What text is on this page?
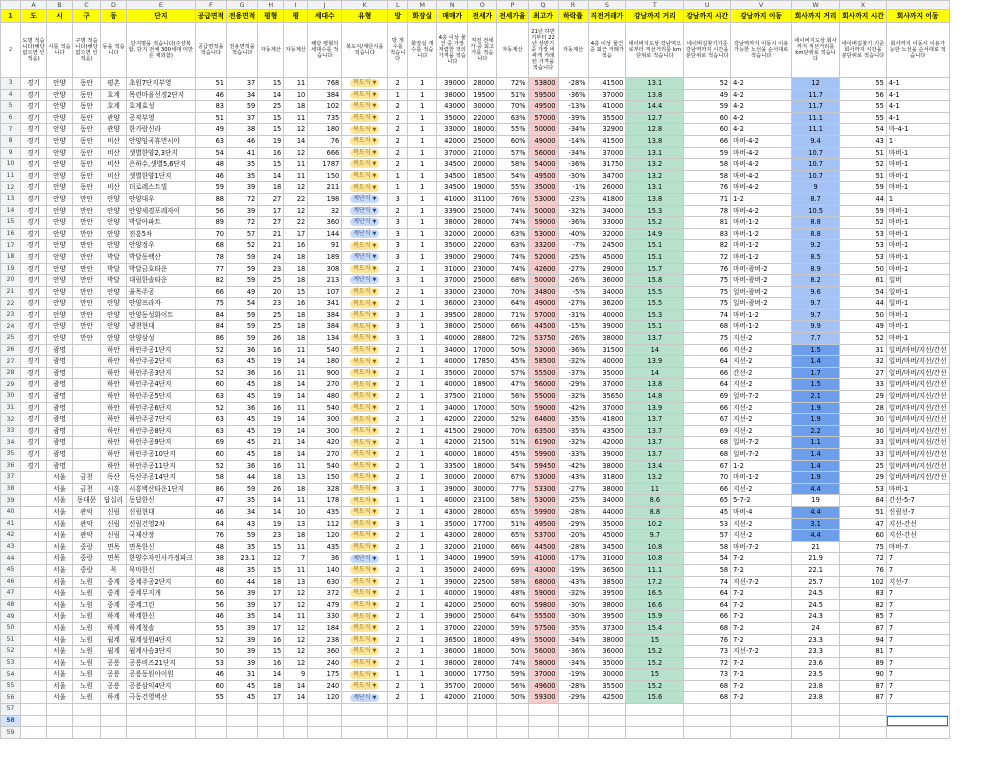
	A	B	C	D	E	F	G	H	I	J	K	L	M	N	O	P	Q	R	S	T	U	V	W	X	
1	도	시	구	동	단지	공급면적	전용면적	평형	평	세대수	유형	방	화장실	매매가	전세가	전세가율	최고가	하락률	직전거래가	강남까지 거리	강남까지 시간	강남까지 이동	회사까지 거리	회사까지 시간	회사까지 이동
2	도명 적습니다(해당 없으면 인 적음)	시를 적습니다	구명 적습니다(해당 없으면 인 적음)	동을 적습니다	단지명을 적습니다(주상복합, 단지 전체 300세대 미만은 제외함)	공급면적을 적습니다	전용면적을 적습니다	자동계산	자동계산	해당 평형의 세대수를 적습니다	복도식/계단식을 적습니다	방 개수를 적습니다	화장실 개수를 적습니다	4층 이상 물건 중 가장 저렴한 것의 가격을 적습니다	직전 전세가 중 최고가를 적습니다	자동계산	21년 하반기부터 22년 상반기 중 가장 비싸게 거래된 가격을 적습니다	자동계산	4층 이상 물건 중 최근 거래가 적음	네이버지도상 강남역으로부터 직선거리를 km단위로 적습니다	네이버길찾기기준 강남역까지 시간을 분단위로 적습니다	강남역까지 이동시 이용가능한 노선을 순서대로 적습니다	네이버지도상 회사까지 직선거리를 km단위로 적습니다	네이버길찾기 기준 회사까지 시간을 분단위로 적습니다	회사까지 이동시 이용가능한 노선을 순서대로 적습니다
3	경기	안양	동안	평촌	초원7단지부영	51	37	15	11	768	복도식 ▼	2	1	39000	28000	72%	53800	-28%	41500	13.1	52	4-2	12	55	4-1
4	경기	안양	동안	호계	목련마을선경2단지	46	34	14	10	384	복도식 ▼	1	1	38000	19500	51%	59500	-36%	37000	13.8	49	4-2	11.7	56	4-1
5	경기	안양	동안	호계	호계효성	83	59	25	18	102	복도식 ▼	2	1	43000	30000	70%	49500	-13%	41000	14.4	59	4-2	11.7	55	4-1
6	경기	안양	동안	관양	공작부영	51	37	15	11	735	복도식 ▼	2	1	35000	22000	63%	57000	-39%	35500	12.7	60	4-2	11.1	55	4-1
7	경기	안양	동안	관양	한가람신라	49	38	15	12	180	복도식 ▼	2	1	33000	18000	55%	50000	-34%	32900	12.8	60	4-2	11.1	54	마-4-1
8	경기	안양	동안	비산	안양임곡휴먼시아	63	46	19	14	76	복도식 ▼	2	1	42000	25000	60%	49000	-14%	41500	13.8	66	마버-4-2	9.4	43	1
9	경기	안양	동안	비산	샛별한양2,3단지	54	41	16	12	666	복도식 ▼	2	1	37000	21000	57%	56000	-34%	37000	13.1	59	마버-4-2	10.7	51	마버-1
10	경기	안양	동안	비산	은하수,샛별5,6단지	48	35	15	11	1787	복도식 ▼	2	1	34500	20000	58%	54000	-36%	31750	13.2	58	마버-4-2	10.7	52	마버-1
11	경기	안양	동안	비산	샛별한양1단지	46	35	14	11	150	복도식 ▼	1	1	34500	18500	54%	49500	-30%	34700	13.2	58	마버-4-2	10.7	51	마버-1
12	경기	안양	동안	비산	더로레스트빌	59	39	18	12	211	복도식 ▼	1	1	34500	19000	55%	35000	-1%	26000	13.1	76	마버-4-2	9	59	마버-1
13	경기	안양	만안	안양	안양대우	88	72	27	22	198	계단식 ▼	3	1	41000	31100	76%	53000	-23%	41800	13.8	71	1-2	8.7	44	1
14	경기	안양	만안	안양	안양세경포레자이	56	39	17	12	32	계단식 ▼	2	1	33900	25000	74%	50000	-32%	34000	15.3	78	마버-4-2	10.5	59	마버-1
15	경기	안양	만안	안양	박달아파트	89	72	27	22	360	계단식 ▼	3	1	38000	28000	74%	59000	-36%	33000	15.2	81	마버-1-2	8.8	52	마버-1
16	경기	안양	만안	안양	진흥5차	70	57	21	17	144	계단식 ▼	3	1	32000	20000	63%	53000	-40%	32000	14.9	83	마버-1-2	8.8	53	마버-1
17	경기	안양	만안	안양	안양정우	68	52	21	16	91	복도식 ▼	3	1	35000	22000	63%	33200	-7%	24500	15.1	82	마버-1-2	9.2	53	마버-1
18	경기	안양	만안	박달	박달동백산	78	59	24	18	189	계단식 ▼	3	1	39000	29000	74%	52000	-25%	45000	15.1	72	마버-1-2	8.5	53	마버-1
19	경기	안양	만안	박달	박달금호타운	77	59	23	18	308	복도식 ▼	2	1	31000	23000	74%	42600	-27%	29000	15.7	76	마버-광버-2	8.9	50	마버-1
20	경기	안양	만안	박달	대림한솔타운	82	59	25	18	213	계단식 ▼	3	1	37000	25000	68%	50000	-26%	36000	15.8	75	마버-광버-2	8.2	61	일버
21	경기	안양	만안	안양	율목주공	66	49	20	15	107	복도식 ▼	2	1	33000	23000	70%	34800	-5%	34000	15.5	75	일버-광버-2	9.6	54	일버-1
22	경기	안양	만안	안양	안양프라자	75	54	23	16	341	복도식 ▼	2	1	36000	23000	64%	49000	-27%	36200	15.5	75	일버-광버-2	9.7	44	일버-1
23	경기	안양	만안	안양	안양동성화이트	84	59	25	18	384	복도식 ▼	3	1	39500	28000	71%	57000	-31%	40000	15.3	74	마버-1-2	9.7	50	마버-1
24	경기	안양	만안	안양	냉천현대	84	59	25	18	384	복도식 ▼	3	1	38000	25000	66%	44500	-15%	39000	15.1	68	마버-1-2	9.9	49	마버-1
25	경기	안양	만안	안양	안양삼성	86	59	26	18	134	복도식 ▼	3	1	40000	28800	72%	53750	-26%	38000	13.7	75	지선-2	7.7	52	마버-1
26	경기	광명		하안	하안주공1단지	52	36	16	11	540	복도식 ▼	2	1	34000	17000	50%	53000	-36%	31500	14	66	지선-2	1.5	31	일버/마버/지선/간선
27	경기	광명		하안	하안주공2단지	63	45	19	14	180	복도식 ▼	2	1	40000	17850	45%	58500	-32%	40000	13.9	64	지선-2	1.4	32	일버/마버/지선/간선
28	경기	광명		하안	하안주공3단지	52	36	16	11	900	복도식 ▼	2	1	35000	20000	57%	55500	-37%	35000	14	66	간선-2	1.7	27	일버/마버/지선/간선
29	경기	광명		하안	하안주공4단지	60	45	18	14	270	복도식 ▼	2	1	40000	18900	47%	56000	-29%	37000	13.8	64	지선-2	1.5	33	일버/마버/지선/간선
30	경기	광명		하안	하안주공5단지	63	45	19	14	480	복도식 ▼	2	1	37500	21000	56%	55000	-32%	35650	14.8	69	일버-7-2	2.1	29	일버/마버/지선/간선
31	경기	광명		하안	하안주공6단지	52	36	16	11	540	복도식 ▼	2	1	34000	17000	50%	59000	-42%	37000	13.9	66	지선-2	1.9	28	일버/마버/지선/간선
32	경기	광명		하안	하안주공7단지	63	45	19	14	300	복도식 ▼	2	1	42000	22000	52%	64600	-35%	41800	13.7	67	지선-2	1.9	30	일버/마버/지선/간선
33	경기	광명		하안	하안주공8단지	63	45	19	14	300	복도식 ▼	2	1	41500	29000	70%	63500	-35%	43500	13.7	69	지선-2	2.2	30	일버/마버/지선/간선
34	경기	광명		하안	하안주공9단지	69	45	21	14	420	복도식 ▼	2	1	42000	21500	51%	61900	-32%	42000	13.7	68	일버-7-2	1.1	33	일버/마버/지선/간선
35	경기	광명		하안	하안주공10단지	60	45	18	14	270	복도식 ▼	2	1	40000	18000	45%	59900	-33%	39000	13.7	68	일버-7-2	1.4	33	일버/마버/지선/간선
36	경기	광명		하안	하안주공11단지	52	36	16	11	540	복도식 ▼	2	1	33500	18000	54%	59450	-42%	38000	13.4	67	1-2	1.4	25	일버/마버/지선/간선
37		서울	금천	독산	독산주공14단지	58	44	18	13	150	복도식 ▼	2	1	30000	20000	67%	53000	-43%	31800	13.2	70	마버-1-2	1.9	29	일버/마버/지선/간선
38		서울	금천	시흥	시흥벽산타운1단지	86	59	26	18	328	복도식 ▼	3	1	39000	30000	77%	53300	-27%	38000	11	66	지선-2	4.4	53	마버-1
39		서울	동대문	답십리	동답한신	47	35	14	11	178	복도식 ▼	1	1	40000	23100	58%	53000	-25%	34000	8.6	65	5-7-2	19	84	간선-5-7
40		서울	관악	신림	신림현대	46	34	14	10	435	복도식 ▼	2	1	43000	28000	65%	59900	-28%	44000	8.8	45	마버-4	4.4	51	신림선-7
41		서울	관악	신림	신림건영2차	64	43	19	13	112	복도식 ▼	3	1	35000	17700	51%	49500	-29%	35000	10.2	53	지선-2	3.1	47	지선-간선
42		서울	관악	신림	국제산장	76	59	23	18	120	복도식 ▼	2	1	43000	28000	65%	53700	-20%	45000	9.7	57	지선-2	4.4	60	지선-간선
43		서울	중랑	면목	면목한신	48	35	15	11	435	복도식 ▼	2	1	32000	21000	66%	44500	-28%	34500	10.8	58	마버-7-2	21	75	마버-7
44		서울	중랑	면목	한양수자인사가정파크	38	23.1	12	7	36	계단식 ▼	1	1	34000	19900	59%	41000	-17%	31000	10.8	54	7-2	21.9	72	7
45		서울	중랑	묵	묵마한신	48	35	15	11	140	복도식 ▼	2	1	35000	24000	69%	43000	-19%	36500	11.1	58	7-2	22.1	76	7
46		서울	노원	중계	중계주공2단지	60	44	18	13	630	복도식 ▼	2	1	39000	22500	58%	68000	-43%	38500	17.2	74	지선-7-2	25.7	102	지선-7
47		서울	노원	중계	중계무지개	56	39	17	12	372	복도식 ▼	2	1	40000	19000	48%	59000	-32%	39500	16.5	64	7-2	24.5	83	7
48		서울	노원	중계	중계그린	56	39	17	12	479	복도식 ▼	2	1	42000	25000	60%	59800	-30%	38000	16.6	64	7-2	24.5	82	7
49		서울	노원	하계	하계한신	46	35	14	11	330	복도식 ▼	2	1	39000	25000	64%	55500	-30%	39500	15.9	66	7-2	24.3	85	7
50		서울	노원	하계	하계청솔	55	39	17	12	184	복도식 ▼	2	1	37000	22000	59%	57500	-35%	37300	15.4	68	7-2	24	87	7
51		서울	노원	월계	월계성원4단지	52	39	16	12	238	복도식 ▼	2	1	36500	18000	49%	55000	-34%	38000	15	76	7-2	23.3	94	7
52		서울	노원	월계	월계사슴3단지	50	39	15	12	360	복도식 ▼	2	1	36000	18000	50%	56000	-36%	36000	15.2	73	지선-7-2	23.3	81	7
53		서울	노원	공릉	공릉비즈21단지	53	39	16	12	240	복도식 ▼	2	1	38000	28000	74%	58000	-34%	35000	15.2	72	7-2	23.6	89	7
54		서울	노원	공릉	공릉동원아이원	46	31	14	9	175	복도식 ▼	1	1	30000	17750	59%	37000	-19%	30000	15	73	7-2	23.5	90	7
55		서울	노원	공릉	공릉삼익4단지	60	45	18	14	240	복도식 ▼	2	1	35700	20000	56%	49600	-28%	35500	15.2	68	7-2	23.8	87	7
56		서울	노원	하계	극동건영벽산	55	45	17	14	120	계단식 ▼	2	1	42000	21000	50%	59300	-29%	42500	15.6	68	7-2	23.8	87	7
57																									
58																									
59																									
